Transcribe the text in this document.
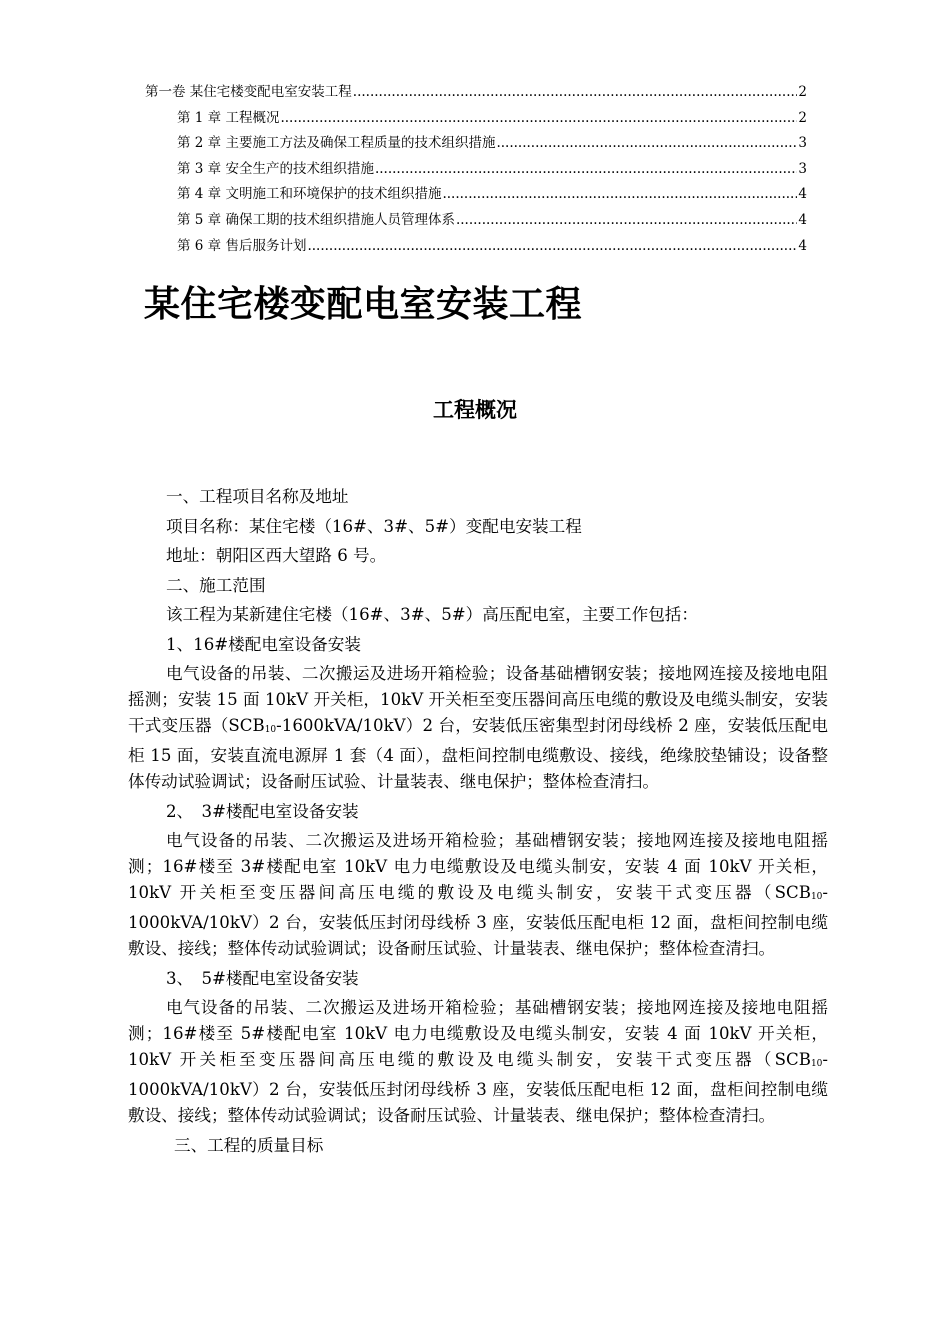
第一卷 某住宅楼变配电室安装工程 .....	2
第 1 章 工程概况 .....	2
第 2 章 主要施工方法及确保工程质量的技术组织措施 .....	3
第 3 章 安全生产的技术组织措施 .....	3
第 4 章 文明施工和环境保护的技术组织措施 .....	4
第 5 章 确保工期的技术组织措施人员管理体系 .....	4
第 6 章 售后服务计划 .....	4
某住宅楼变配电室安装工程
工程概况

一、工程项目名称及地址

项目名称：某住宅楼（16#、3#、5#）变配电安装工程

地址：朝阳区西大望路 6 号。

二、施工范围

该工程为某新建住宅楼（16#、3#、5#）高压配电室，主要工作包括：

1、16#楼配电室设备安装

电气设备的吊装、二次搬运及进场开箱检验；设备基础槽钢安装；接地网连接及接地电阻摇测；安装 15 面 10kV 开关柜，10kV 开关柜至变压器间高压电缆的敷设及电缆头制安，安装干式变压器$(SCB_{10}-1600kVA/10kV)2$ 台，安装低压密集型封闭母线桥 2 座，安装低压配电柜 15 面，安装直流电源屏 1 套（4 面），盘柜间控制电缆敷设、接线，绝缘胶垫铺设；设备整体传动试验调试；设备耐压试验、计量装表、继电保护；整体检查清扫。

2、　3#楼配电室设备安装

电气设备的吊装、二次搬运及进场开箱检验；基础槽钢安装；接地网连接及接地电阻摇测；16#楼至 3#楼配电室 10kV 电力电缆敷设及电缆头制安，安装 4 面 10kV 开关柜，10kV 开关柜至变压器间高压电缆的敷设及电缆头制安，安装干式变压器$(SCB_{10}-1000kVA/10kV)2$ 台，安装低压封闭母线桥 3 座，安装低压配电柜 12 面，盘柜间控制电缆敷设、接线；整体传动试验调试；设备耐压试验、计量装表、继电保护；整体检查清扫。

3、　5#楼配电室设备安装

电气设备的吊装、二次搬运及进场开箱检验；基础槽钢安装；接地网连接及接地电阻摇测；16#楼至 5#楼配电室 10kV 电力电缆敷设及电缆头制安，安装 4 面 10kV 开关柜，10kV 开关柜至变压器间高压电缆的敷设及电缆头制安，安装干式变压器$(SCB_{10}-1000kVA/10kV)2$ 台，安装低压封闭母线桥 3 座，安装低压配电柜 12 面，盘柜间控制电缆敷设、接线；整体传动试验调试；设备耐压试验、计量装表、继电保护；整体检查清扫。

三、工程的质量目标
